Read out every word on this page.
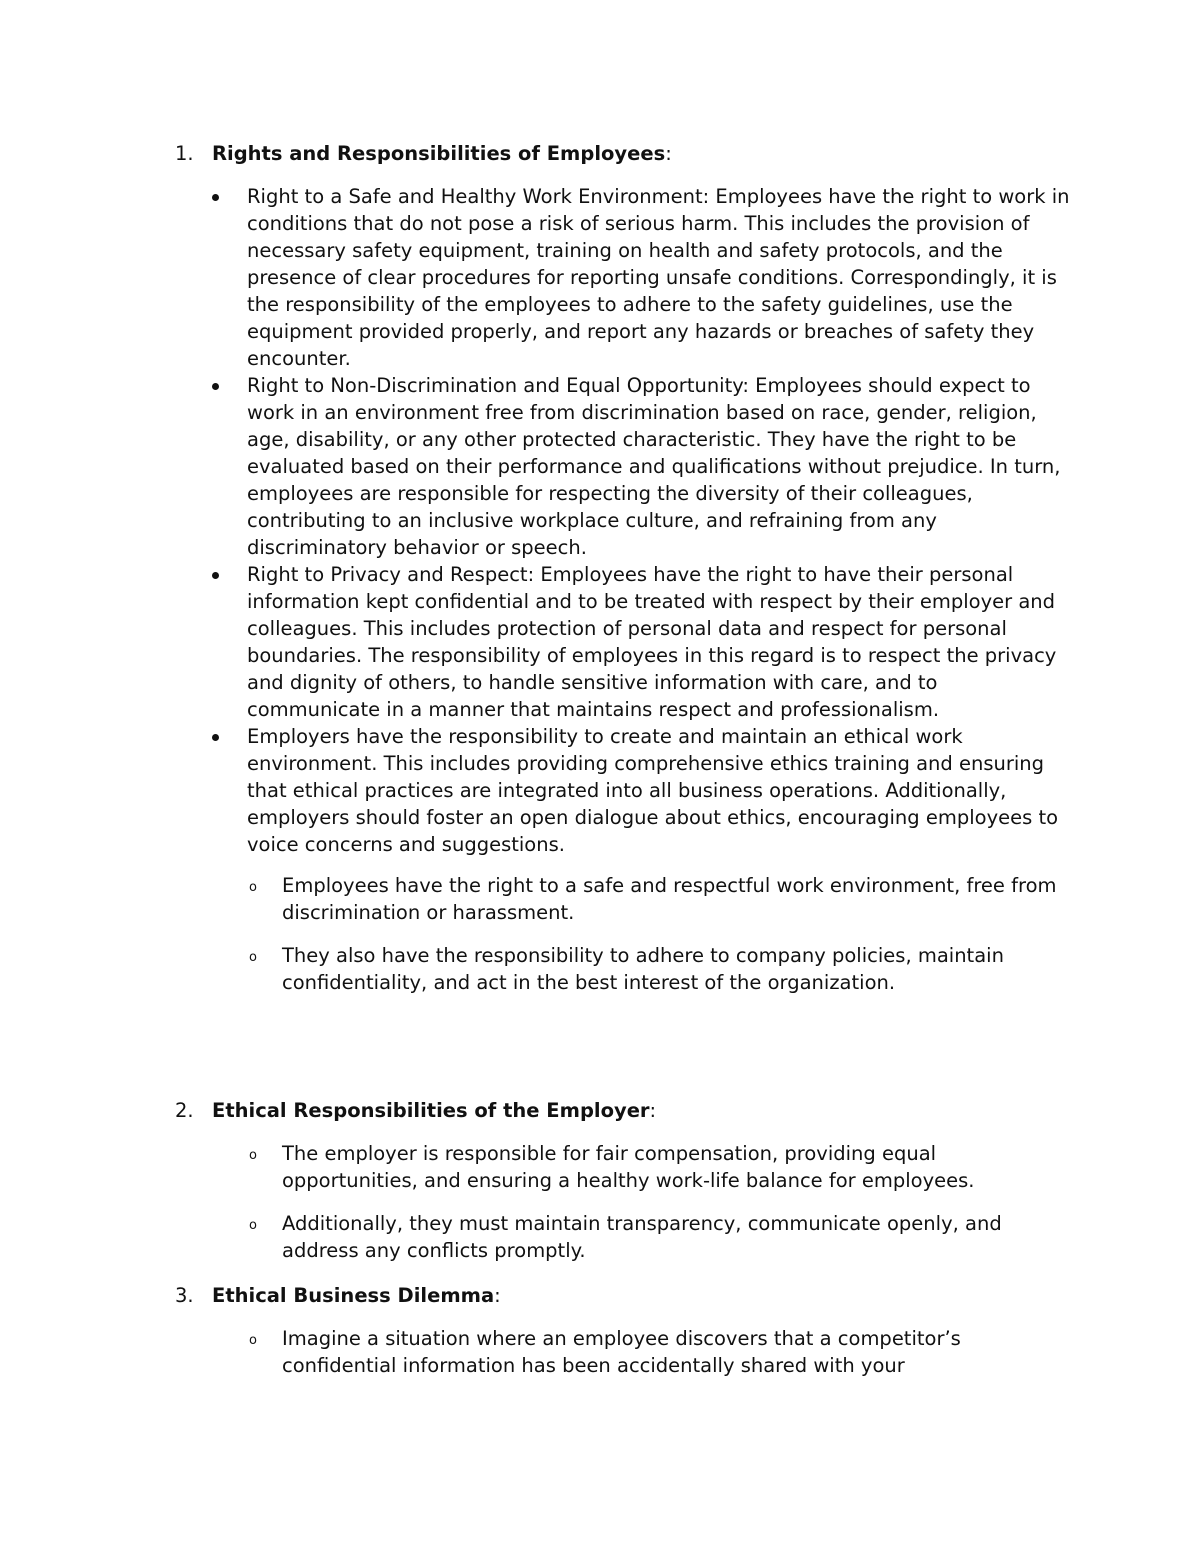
1. Rights and Responsibilities of Employees:

Right to a Safe and Healthy Work Environment: Employees have the right to work in conditions that do not pose a risk of serious harm. This includes the provision of necessary safety equipment, training on health and safety protocols, and the presence of clear procedures for reporting unsafe conditions. Correspondingly, it is the responsibility of the employees to adhere to the safety guidelines, use the equipment provided properly, and report any hazards or breaches of safety they encounter.
Right to Non-Discrimination and Equal Opportunity: Employees should expect to work in an environment free from discrimination based on race, gender, religion, age, disability, or any other protected characteristic. They have the right to be evaluated based on their performance and qualifications without prejudice. In turn, employees are responsible for respecting the diversity of their colleagues, contributing to an inclusive workplace culture, and refraining from any discriminatory behavior or speech.
Right to Privacy and Respect: Employees have the right to have their personal information kept confidential and to be treated with respect by their employer and colleagues. This includes protection of personal data and respect for personal boundaries. The responsibility of employees in this regard is to respect the privacy and dignity of others, to handle sensitive information with care, and to communicate in a manner that maintains respect and professionalism.
Employers have the responsibility to create and maintain an ethical work environment. This includes providing comprehensive ethics training and ensuring that ethical practices are integrated into all business operations. Additionally, employers should foster an open dialogue about ethics, encouraging employees to voice concerns and suggestions.
o Employees have the right to a safe and respectful work environment, free from discrimination or harassment.
o They also have the responsibility to adhere to company policies, maintain confidentiality, and act in the best interest of the organization.

2. Ethical Responsibilities of the Employer:

o The employer is responsible for fair compensation, providing equal opportunities, and ensuring a healthy work-life balance for employees.
o Additionally, they must maintain transparency, communicate openly, and address any conflicts promptly.

3. Ethical Business Dilemma:

o Imagine a situation where an employee discovers that a competitor’s confidential information has been accidentally shared with your
